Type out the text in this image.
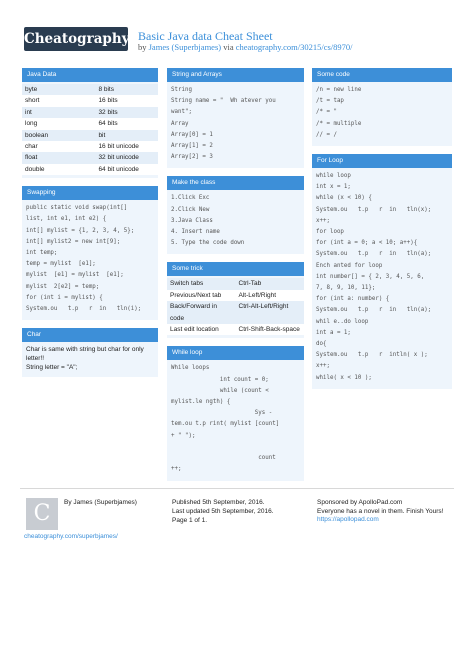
Cheatography Basic Java data Cheat Sheet
by James (Superbjames) via cheatography.com/30215/cs/8970/
Java Data
byte	8 bits
short	16 bits
int	32 bits
long	64 bits
boolean	bit
char	16 bit unicode
float	32 bit unicode
double	64 bit unicode
Swapping
public static void swap(int[]
list, int e1, int e2) {
int[] mylist = {1, 2, 3, 4, 5};
int[] mylist2 = new int[9];
int temp;
temp = mylist  [e1];
mylist  [e1] = mylist  [e1];
mylist  2[e2] = temp;
for (int i = mylist) {
System.ou   t.p   r  in   tln(i);
Char
Char is same with string but char for only
letter!!
String letter = "A";
String and Arrays
String
String name = "  Wh atever you
want";
Array
Array[0] = 1
Array[1] = 2
Array[2] = 3
Make the class
1.Click Exc
2.Click New
3.Java Class
4. Insert name
5. Type the code down
Some trick
Switch tabs	Ctrl-Tab
Previous/Next tab	Alt-Left/Right
Back/Forward in code	Ctrl-Alt-Left/Right
Last edit location	Ctrl-Shift-Back-space
While loop
While loops
int count = 0;
while (count <
mylist.le ngth) {
Sys -
tem.ou t.p rint( mylist [count]
+ " ");

count
++;
Some code
/n = new line
/t = tap
/* = "
/* = multiple
// = /
For Loop
while loop
int x = 1;
while (x < 10) {
System.ou   t.p   r  in   tln(x);
x++;
for loop
for (int a = 0; a < 10; a++){
System.ou   t.p   r  in   tln(a);
Ench anted for loop
int number[] = { 2, 3, 4, 5, 6,
7, 8, 9, 10, 11};
for (int a: number) {
System.ou   t.p   r  in   tln(a);
whil e..do loop
int a = 1;
do{
System.ou   t.p   r  intln( x );
x++;
while( x < 10 );
C	By James (Superbjames)
cheatography.com/superbjames/
Published 5th September, 2016.
Last updated 5th September, 2016.
Page 1 of 1.
Sponsored by ApolloPad.com
Everyone has a novel in them. Finish Yours!
https://apollopad.com
